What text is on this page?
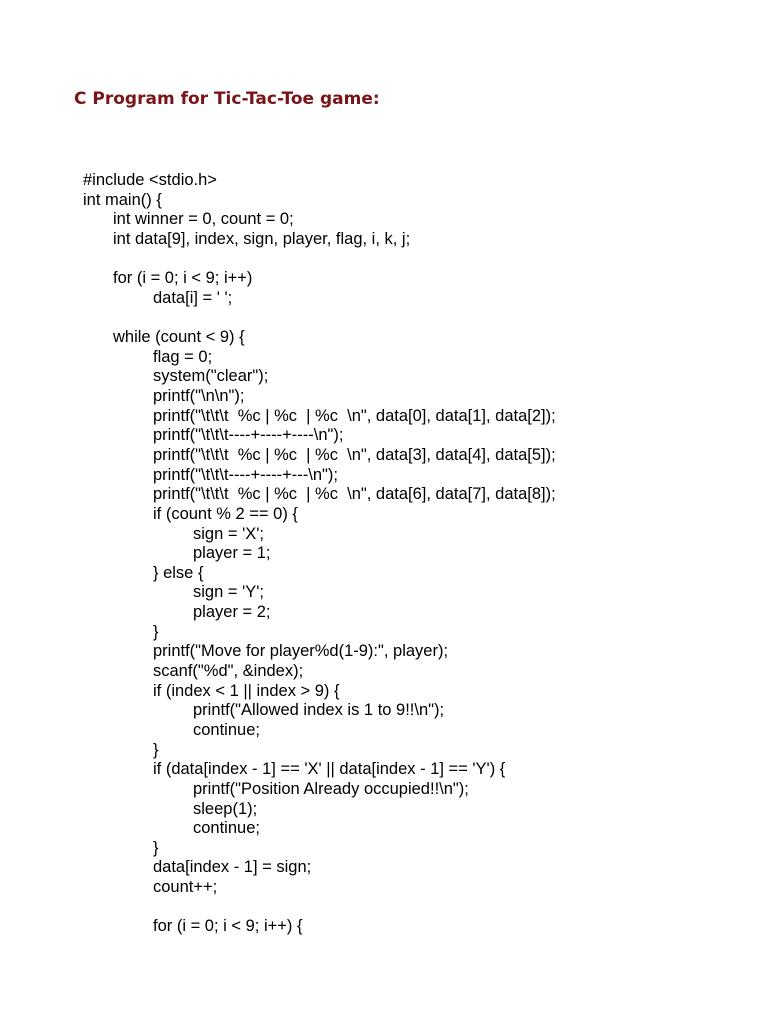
C Program for Tic-Tac-Toe game:
#include <stdio.h>
int main() {
int winner = 0, count = 0;
int data[9], index, sign, player, flag, i, k, j;
for (i = 0; i < 9; i++)
data[i] = ' ';
while (count < 9) {
flag = 0;
system("clear");
printf("\n\n");
printf("\t\t\t  %c | %c  | %c  \n", data[0], data[1], data[2]);
printf("\t\t\t----+----+----\n");
printf("\t\t\t  %c | %c  | %c  \n", data[3], data[4], data[5]);
printf("\t\t\t----+----+---\n");
printf("\t\t\t  %c | %c  | %c  \n", data[6], data[7], data[8]);
if (count % 2 == 0) {
sign = 'X';
player = 1;
} else {
sign = 'Y';
player = 2;
}
printf("Move for player%d(1-9):", player);
scanf("%d", &index);
if (index < 1 || index > 9) {
printf("Allowed index is 1 to 9!!\n");
continue;
}
if (data[index - 1] == 'X' || data[index - 1] == 'Y') {
printf("Position Already occupied!!\n");
sleep(1);
continue;
}
data[index - 1] = sign;
count++;
for (i = 0; i < 9; i++) {
